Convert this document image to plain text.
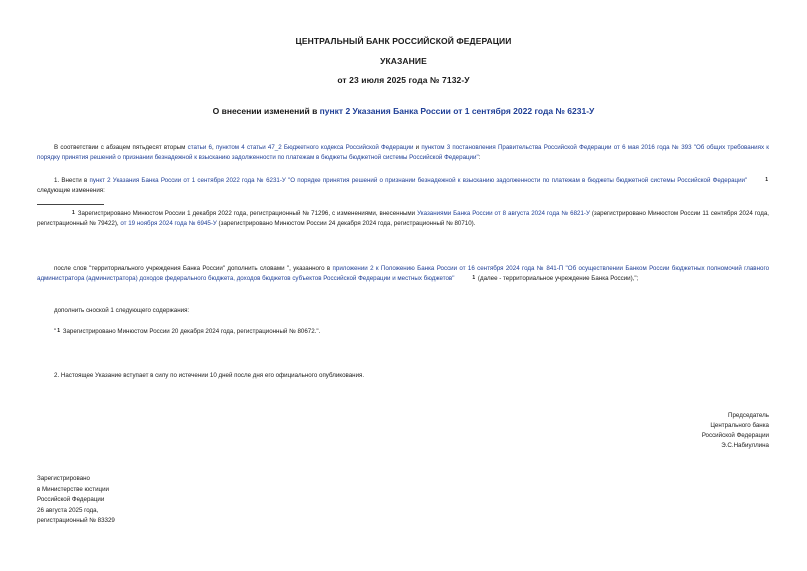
ЦЕНТРАЛЬНЫЙ БАНК РОССИЙСКОЙ ФЕДЕРАЦИИ
УКАЗАНИЕ
от 23 июля 2025 года № 7132-У
О внесении изменений в пункт 2 Указания Банка России от 1 сентября 2022 года № 6231-У
В соответствии с абзацем пятьдесят вторым статьи 6, пунктом 4 статьи 47_2 Бюджетного кодекса Российской Федерации и пунктом 3 постановления Правительства Российской Федерации от 6 мая 2016 года № 393 "Об общих требованиях к порядку принятия решений о признании безнадежной к взысканию задолженности по платежам в бюджеты бюджетной системы Российской Федерации":
1. Внести в пункт 2 Указания Банка России от 1 сентября 2022 года № 6231-У "О порядке принятия решений о признании безнадежной к взысканию задолженности по платежам в бюджеты бюджетной системы Российской Федерации"	1 следующие изменения:
1 Зарегистрировано Минюстом России 1 декабря 2022 года, регистрационный № 71296, с изменениями, внесенными Указаниями Банка России от 8 августа 2024 года № 6821-У (зарегистрировано Минюстом России 11 сентября 2024 года, регистрационный № 79422), от 19 ноября 2024 года № 6945-У (зарегистрировано Минюстом России 24 декабря 2024 года, регистрационный № 80710).
после слов "территориального учреждения Банка России" дополнить словами ", указанного в приложении 2 к Положению Банка России от 16 сентября 2024 года № 841-П "Об осуществлении Банком России бюджетных полномочий главного администратора (администратора) доходов федерального бюджета, доходов бюджетов субъектов Российской Федерации и местных бюджетов"	1 (далее - территориальное учреждение Банка России),";
дополнить сноской 1 следующего содержания:
"1 Зарегистрировано Минюстом России 20 декабря 2024 года, регистрационный № 80672.".
2. Настоящее Указание вступает в силу по истечении 10 дней после дня его официального опубликования.
Председатель
Центрального банка
Российской Федерации
Э.С.Набиуллина
Зарегистрировано
в Министерстве юстиции
Российской Федерации
26 августа 2025 года,
регистрационный № 83329
